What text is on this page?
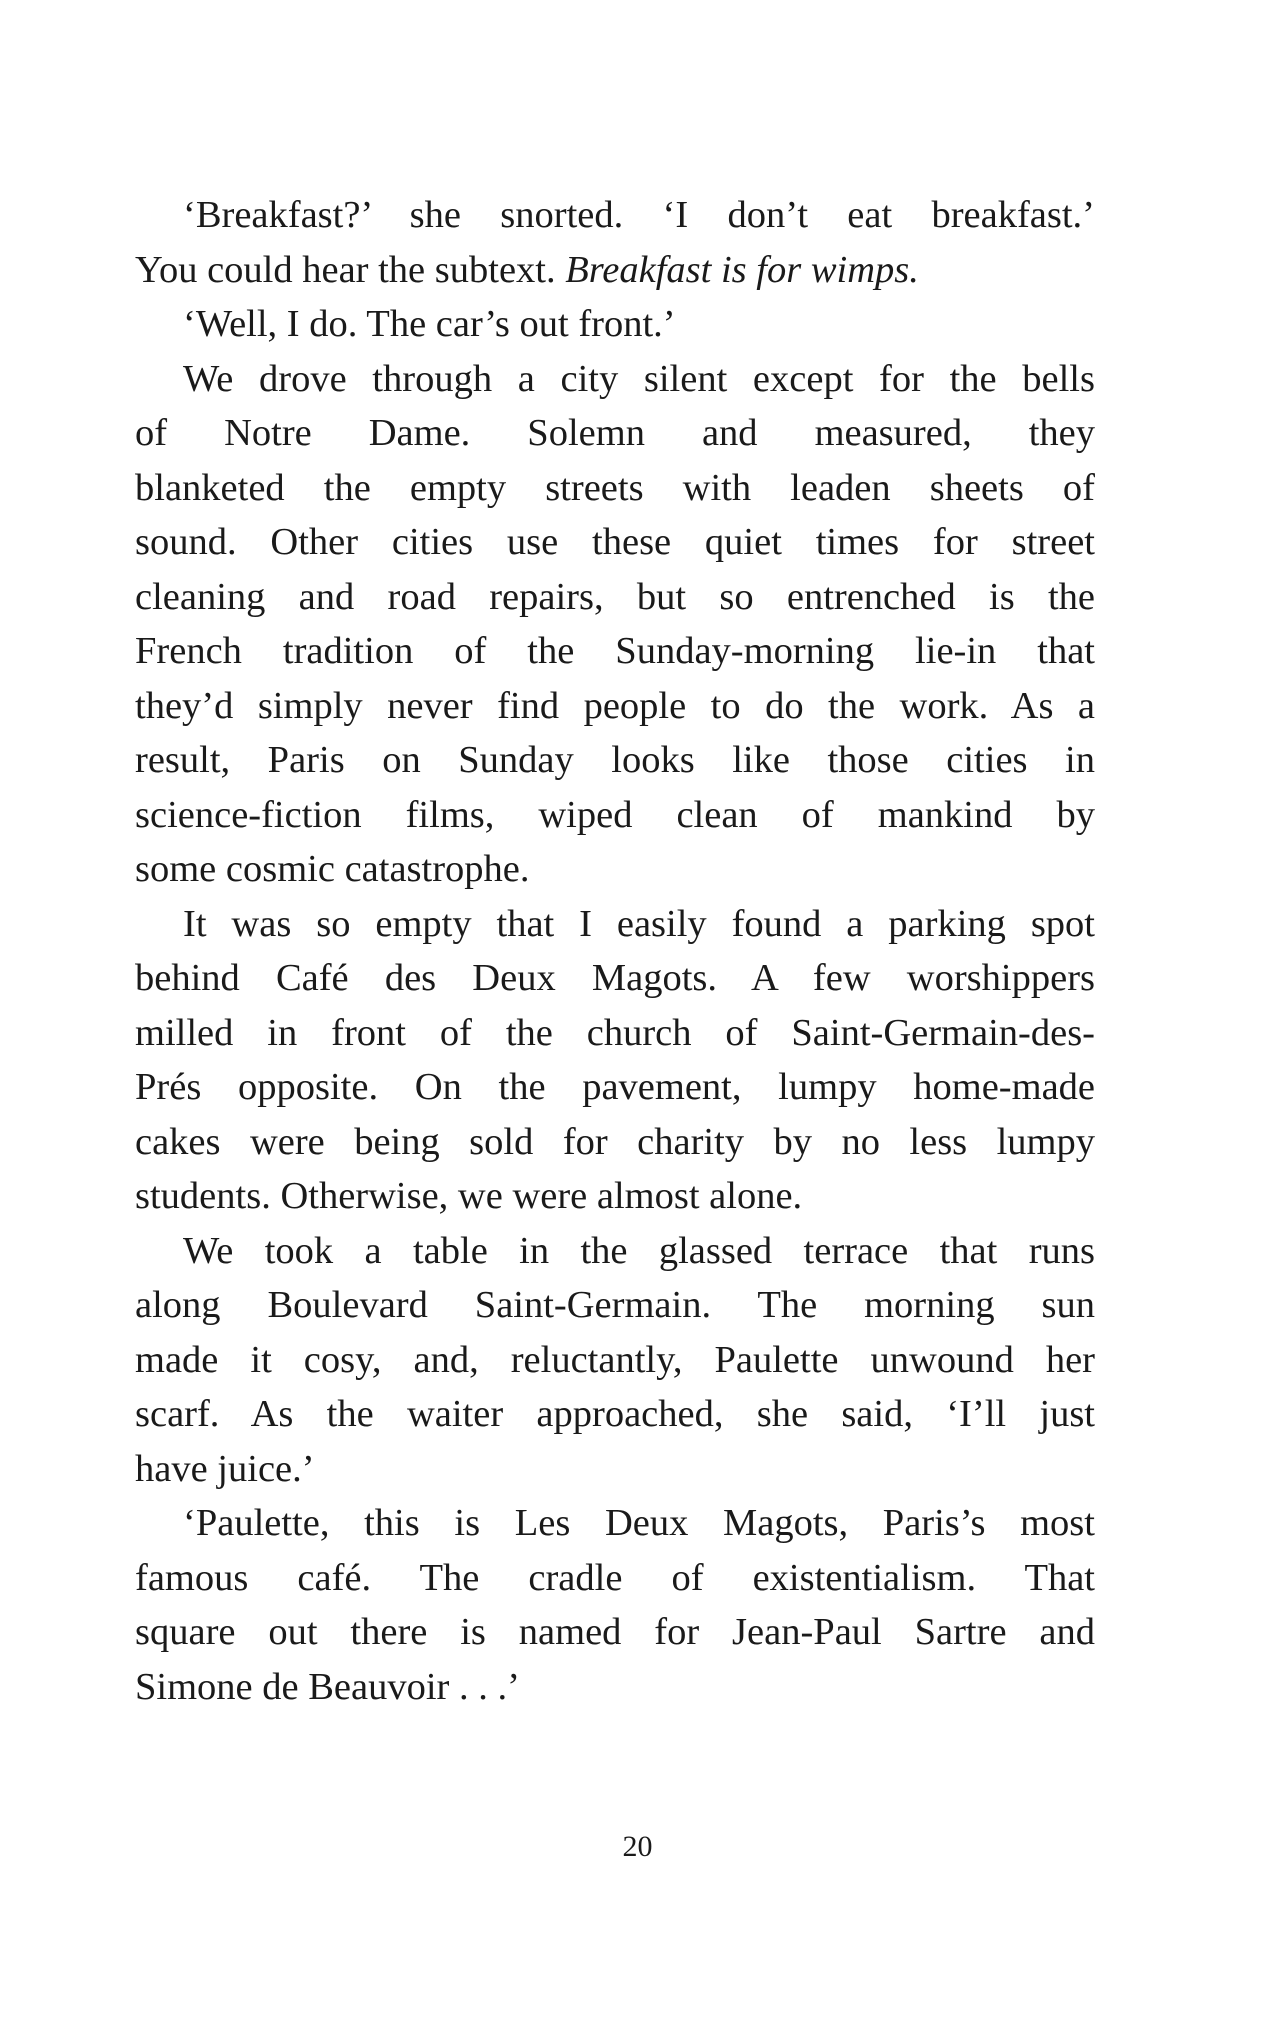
‘Breakfast?’ she snorted. ‘I don’t eat breakfast.’
You could hear the subtext. Breakfast is for wimps.
‘Well, I do. The car’s out front.’
We drove through a city silent except for the bells
of Notre Dame. Solemn and measured, they
blanketed the empty streets with leaden sheets of
sound. Other cities use these quiet times for street
cleaning and road repairs, but so entrenched is the
French tradition of the Sunday-morning lie-in that
they’d simply never find people to do the work. As a
result, Paris on Sunday looks like those cities in
science-fiction films, wiped clean of mankind by
some cosmic catastrophe.
It was so empty that I easily found a parking spot
behind Café des Deux Magots. A few worshippers
milled in front of the church of Saint-Germain-des-
Prés opposite. On the pavement, lumpy home-made
cakes were being sold for charity by no less lumpy
students. Otherwise, we were almost alone.
We took a table in the glassed terrace that runs
along Boulevard Saint-Germain. The morning sun
made it cosy, and, reluctantly, Paulette unwound her
scarf. As the waiter approached, she said, ‘I’ll just
have juice.’
‘Paulette, this is Les Deux Magots, Paris’s most
famous café. The cradle of existentialism. That
square out there is named for Jean-Paul Sartre and
Simone de Beauvoir . . .’
20
